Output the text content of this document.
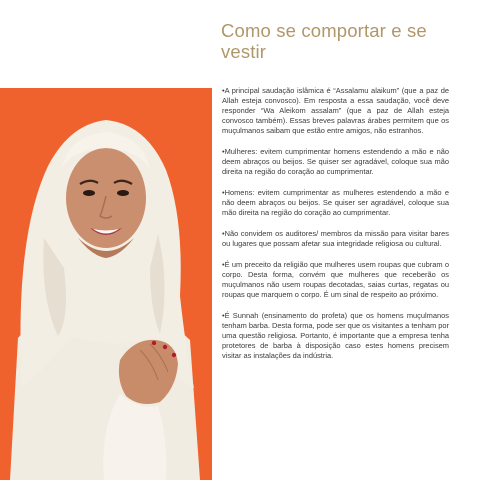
Como se comportar e se vestir

•A principal saudação islâmica é “Assalamu alaikum” (que a paz de Allah esteja convosco). Em resposta a essa saudação, você deve responder “Wa Aleikom assalam” (que a paz de Allah esteja convosco também). Essas breves palavras árabes permitem que os muçulmanos saibam que estão entre amigos, não estranhos.

•Mulheres: evitem cumprimentar homens estendendo a mão e não deem abraços ou beijos. Se quiser ser agradável, coloque sua mão direita na região do coração ao cumprimentar.

•Homens: evitem cumprimentar as mulheres estendendo a mão e não deem abraços ou beijos. Se quiser ser agradável, coloque sua mão direita na região do coração ao cumprimentar.

•Não convidem os auditores/ membros da missão para visitar bares ou lugares que possam afetar sua integridade religiosa ou cultural.

•É um preceito da religião que mulheres usem roupas que cubram o corpo. Desta forma, convém que mulheres que receberão os muçulmanos não usem roupas decotadas, saias curtas, regatas ou roupas que marquem o corpo. É um sinal de respeito ao próximo.

•É Sunnah (ensinamento do profeta) que os homens muçulmanos tenham barba. Desta forma, pode ser que os visitantes a tenham por uma questão religiosa. Portanto, é importante que a empresa tenha protetores de barba à disposição caso estes homens precisem visitar as instalações da indústria.
